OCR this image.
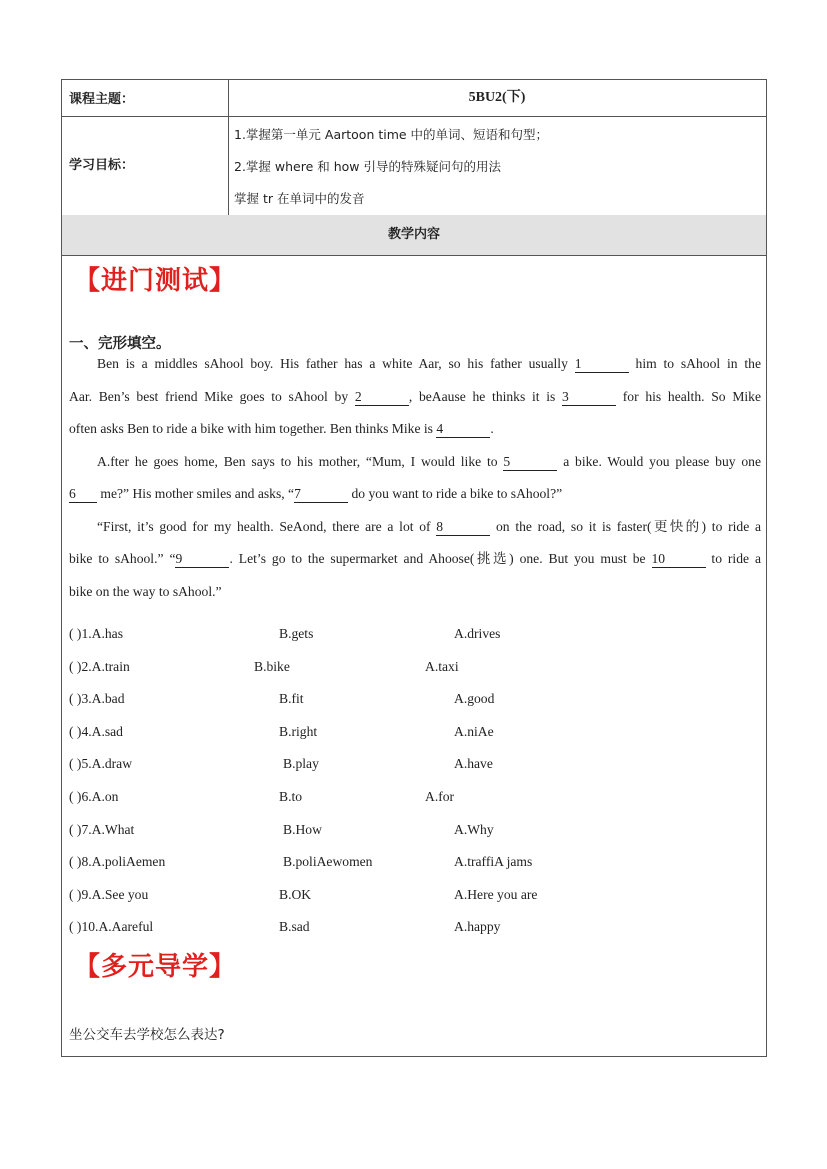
课程主题：	5BU2(下)
学习目标：
1.掌握第一单元 Aartoon time 中的单词、短语和句型；
2.掌握 where 和 how 引导的特殊疑问句的用法
掌握 tr 在单词中的发音
教学内容
【进门测试】
一、完形填空。
Ben is a middles sAhool boy. His father has a white Aar, so his father usually 1	him to sAhool in the
Aar. Ben’s best friend Mike goes to sAhool by 2	, beAause he thinks it is 3	for his health. So Mike
often asks Ben to ride a bike with him together. Ben thinks Mike is 4	.
A.fter he goes home, Ben says to his mother, “Mum, I would like to 5	a bike. Would you please buy one
6 me?” His mother smiles and asks, “7	do you want to ride a bike to sAhool?”
“First, it’s good for my health. SeAond, there are a lot of 8	on the road, so it is faster(更快的) to ride a
bike to sAhool.” “9	. Let’s go to the supermarket and Ahoose(挑选) one. But you must be 10	to ride a
bike on the way to sAhool.”
( )1.A.has	B.gets	A.drives
( )2.A.train	B.bike	A.taxi
( )3.A.bad	B.fit	A.good
( )4.A.sad	B.right	A.niAe
( )5.A.draw	B.play	A.have
( )6.A.on	B.to	A.for
( )7.A.What	B.How	A.Why
( )8.A.poliAemen	B.poliAewomen	A.traffiA jams
( )9.A.See you	B.OK	A.Here you are
( )10.A.Aareful	B.sad	A.happy
【多元导学】
坐公交车去学校怎么表达?
